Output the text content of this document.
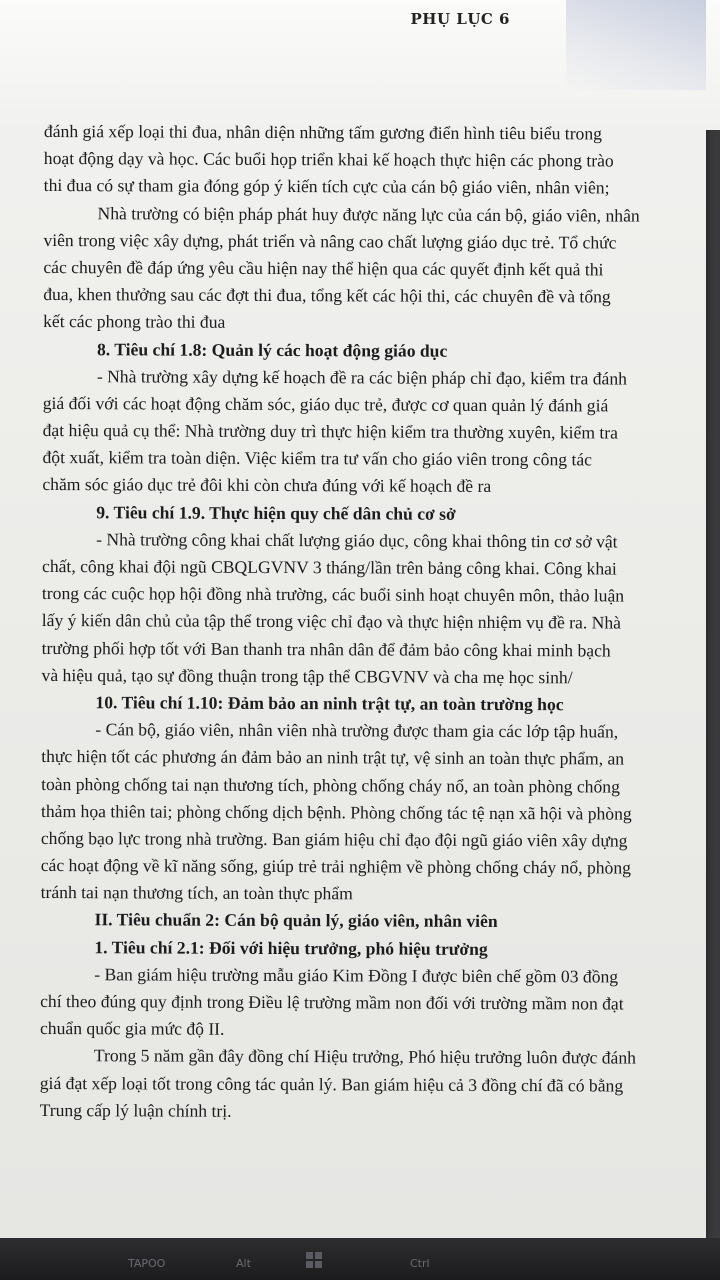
PHỤ LỤC 6
đánh giá xếp loại thi đua, nhân diện những tấm gương điển hình tiêu biểu trong
hoạt động dạy và học. Các buổi họp triển khai kế hoạch thực hiện các phong trào
thi đua có sự tham gia đóng góp ý kiến tích cực của cán bộ giáo viên, nhân viên;
Nhà trường có biện pháp phát huy được năng lực của cán bộ, giáo viên, nhân
viên trong việc xây dựng, phát triển và nâng cao chất lượng giáo dục trẻ. Tổ chức
các chuyên đề đáp ứng yêu cầu hiện nay thể hiện qua các quyết định kết quả thi
đua, khen thưởng sau các đợt thi đua, tổng kết các hội thi, các chuyên đề và tổng
kết các phong trào thi đua
8. Tiêu chí 1.8: Quản lý các hoạt động giáo dục
- Nhà trường xây dựng kế hoạch đề ra các biện pháp chỉ đạo, kiểm tra đánh
giá đối với các hoạt động chăm sóc, giáo dục trẻ, được cơ quan quản lý đánh giá
đạt hiệu quả cụ thể: Nhà trường duy trì thực hiện kiểm tra thường xuyên, kiểm tra
đột xuất, kiểm tra toàn diện. Việc kiểm tra tư vấn cho giáo viên trong công tác
chăm sóc giáo dục trẻ đôi khi còn chưa đúng với kế hoạch đề ra
9. Tiêu chí 1.9. Thực hiện quy chế dân chủ cơ sở
- Nhà trường công khai chất lượng giáo dục, công khai thông tin cơ sở vật
chất, công khai đội ngũ CBQLGVNV 3 tháng/lần trên bảng công khai. Công khai
trong các cuộc họp hội đồng nhà trường, các buổi sinh hoạt chuyên môn, thảo luận
lấy ý kiến dân chủ của tập thể trong việc chỉ đạo và thực hiện nhiệm vụ đề ra. Nhà
trường phối hợp tốt với Ban thanh tra nhân dân để đảm bảo công khai minh bạch
và hiệu quả, tạo sự đồng thuận trong tập thể CBGVNV và cha mẹ học sinh/
10. Tiêu chí 1.10: Đảm bảo an ninh trật tự, an toàn trường học
- Cán bộ, giáo viên, nhân viên nhà trường được tham gia các lớp tập huấn,
thực hiện tốt các phương án đảm bảo an ninh trật tự, vệ sinh an toàn thực phẩm, an
toàn phòng chống tai nạn thương tích, phòng chống cháy nổ, an toàn phòng chống
thảm họa thiên tai; phòng chống dịch bệnh. Phòng chống tác tệ nạn xã hội và phòng
chống bạo lực trong nhà trường. Ban giám hiệu chỉ đạo đội ngũ giáo viên xây dựng
các hoạt động về kĩ năng sống, giúp trẻ trải nghiệm về phòng chống cháy nổ, phòng
tránh tai nạn thương tích, an toàn thực phẩm
II. Tiêu chuẩn 2: Cán bộ quản lý, giáo viên, nhân viên
1. Tiêu chí 2.1: Đối với hiệu trưởng, phó hiệu trưởng
- Ban giám hiệu trường mẫu giáo Kim Đồng I được biên chế gồm 03 đồng
chí theo đúng quy định trong Điều lệ trường mầm non đối với trường mầm non đạt
chuẩn quốc gia mức độ II.
Trong 5 năm gần đây đồng chí Hiệu trưởng, Phó hiệu trưởng luôn được đánh
giá đạt xếp loại tốt trong công tác quản lý. Ban giám hiệu cả 3 đồng chí đã có bằng
Trung cấp lý luận chính trị.
TAPOO	Alt	Ctrl
